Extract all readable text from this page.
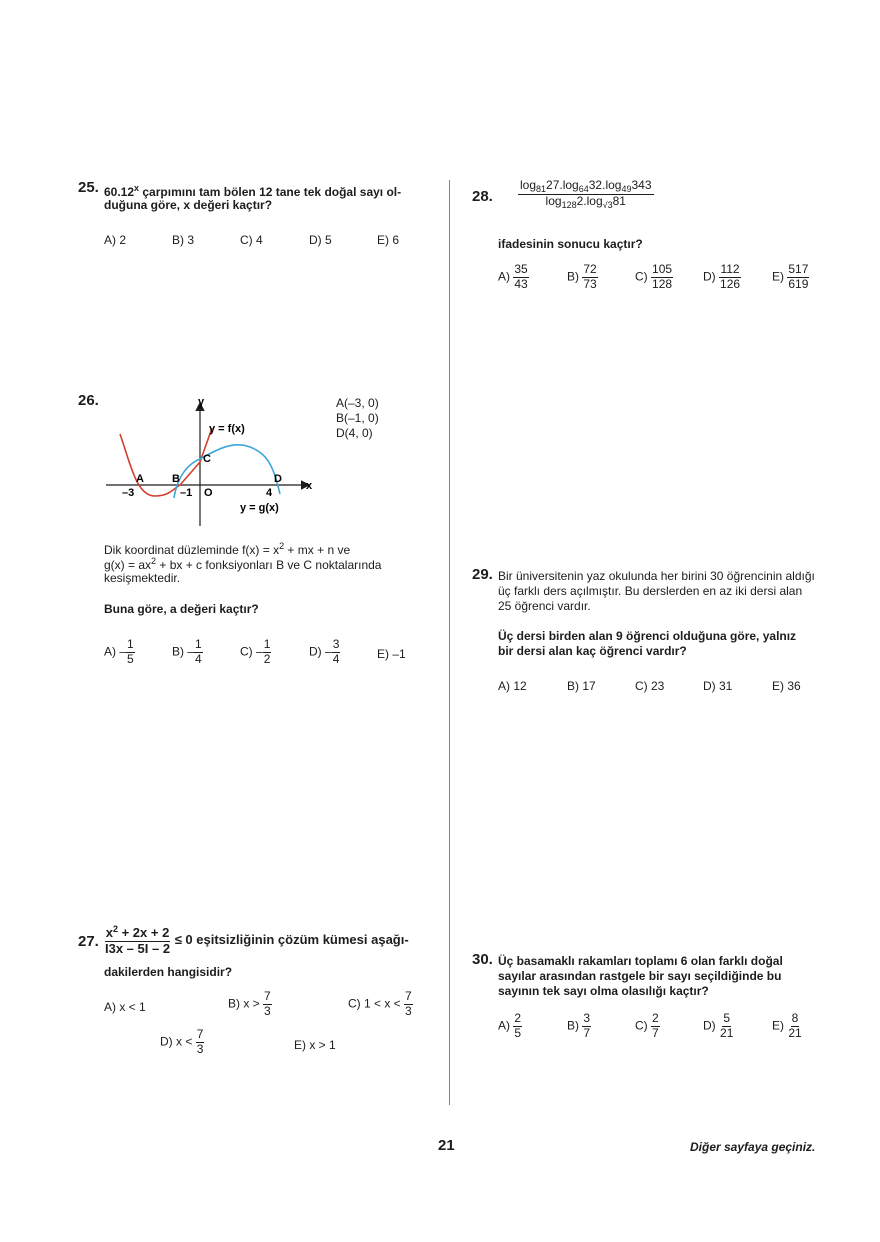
25. 60.12$^x$ çarpımını tam bölen 12 tane tek doğal sayı ol-
duğuna göre, x değeri kaçtır?
A) 2	B) 3	C) 4	D) 5	E) 6
26.	y
x
y = f(x)
y = g(x)
A	B
C
D
O
–3	–1	4
A(–3, 0)
B(–1, 0)
D(4, 0)
Dik koordinat düzleminde $f(x) = x^2$ + mx + n ve
$g(x) = ax^2$ + bx + c fonksiyonları B ve C noktalarında
kesişmektedir.
Buna göre, a değeri kaçtır?
$A) - \frac{1}{5}$	$B) - \frac{1}{4}$	$C) - \frac{1}{2}$	$D) - \frac{3}{4}$	E) –1
27. $\frac{x^2 + 2x + 2}{I3x - 5I - 2} \le 0$ eşitsizliğinin çözüm kümesi aşağı-
dakilerden hangisidir?
A) x < 1	B) $x > \frac{7}{3}$	C) $1 < x < \frac{7}{3}$
D) $x < \frac{7}{3}$	E) x > 1
28. $\frac{\log_{81}27.\log_{64}32.\log_{49}343}{\log_{128}2.\log_{√3}81}$
ifadesinin sonucu kaçtır?
$A) \frac{35}{43}$	$B) \frac{72}{73}$	$C) \frac{105}{128} D) \frac{112}{126}$	$E) \frac{517}{619}$
29. Bir üniversitenin yaz okulunda her birini 30 öğrencinin aldığı
üç farklı ders açılmıştır. Bu derslerden en az iki dersi alan
25 öğrenci vardır.
Üç dersi birden alan 9 öğrenci olduğuna göre, yalnız
bir dersi alan kaç öğrenci vardır?
A) 12	B) 17	C) 23	D) 31	E) 36
30. Üç basamaklı rakamları toplamı 6 olan farklı doğal
sayılar arasından rastgele bir sayı seçildiğinde bu
sayının tek sayı olma olasılığı kaçtır?
$A) \frac{2}{5}$	$B) \frac{3}{7}$	$C) \frac{2}{7}$	$D) \frac{5}{21}$	$E) \frac{8}{21}$
21	Diğer sayfaya geçiniz.
